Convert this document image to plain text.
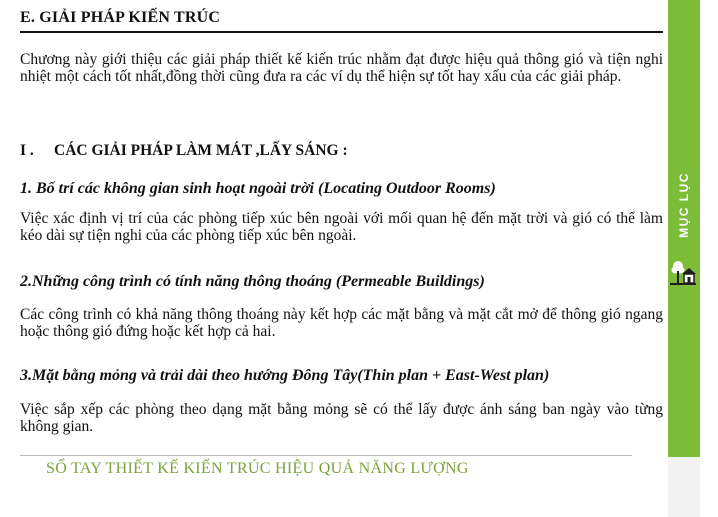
E. GIẢI PHÁP KIẾN TRÚC
Chương này giới thiệu các giải pháp thiết kế kiến trúc nhằm đạt được hiệu quả thông gió và tiện nghi nhiệt một cách tốt nhất,đồng thời cũng đưa ra các ví dụ thể hiện sự tốt hay xấu của các giải pháp.
I . CÁC GIẢI PHÁP LÀM MÁT ,LẤY SÁNG :
1. Bố trí các không gian sinh hoạt ngoài trời (Locating Outdoor Rooms)
Việc xác định vị trí của các phòng tiếp xúc bên ngoài với mối quan hệ đến mặt trời và gió có thể làm kéo dài sự tiện nghi của các phòng tiếp xúc bên ngoài.
2.Những công trình có tính năng thông thoáng (Permeable Buildings)
Các công trình có khả năng thông thoáng này kết hợp các mặt bằng và mặt cắt mở để thông gió ngang hoặc thông gió đứng hoặc kết hợp cả hai.
3.Mặt bằng mỏng và trải dài theo hướng Đông Tây(Thin plan + East-West plan)
Việc sắp xếp các phòng theo dạng mặt bằng mỏng sẽ có thể lấy được ánh sáng ban ngày vào từng không gian.
SỔ TAY THIẾT KẾ KIẾN TRÚC HIỆU QUẢ NĂNG LƯỢNG
MỤC LỤC
